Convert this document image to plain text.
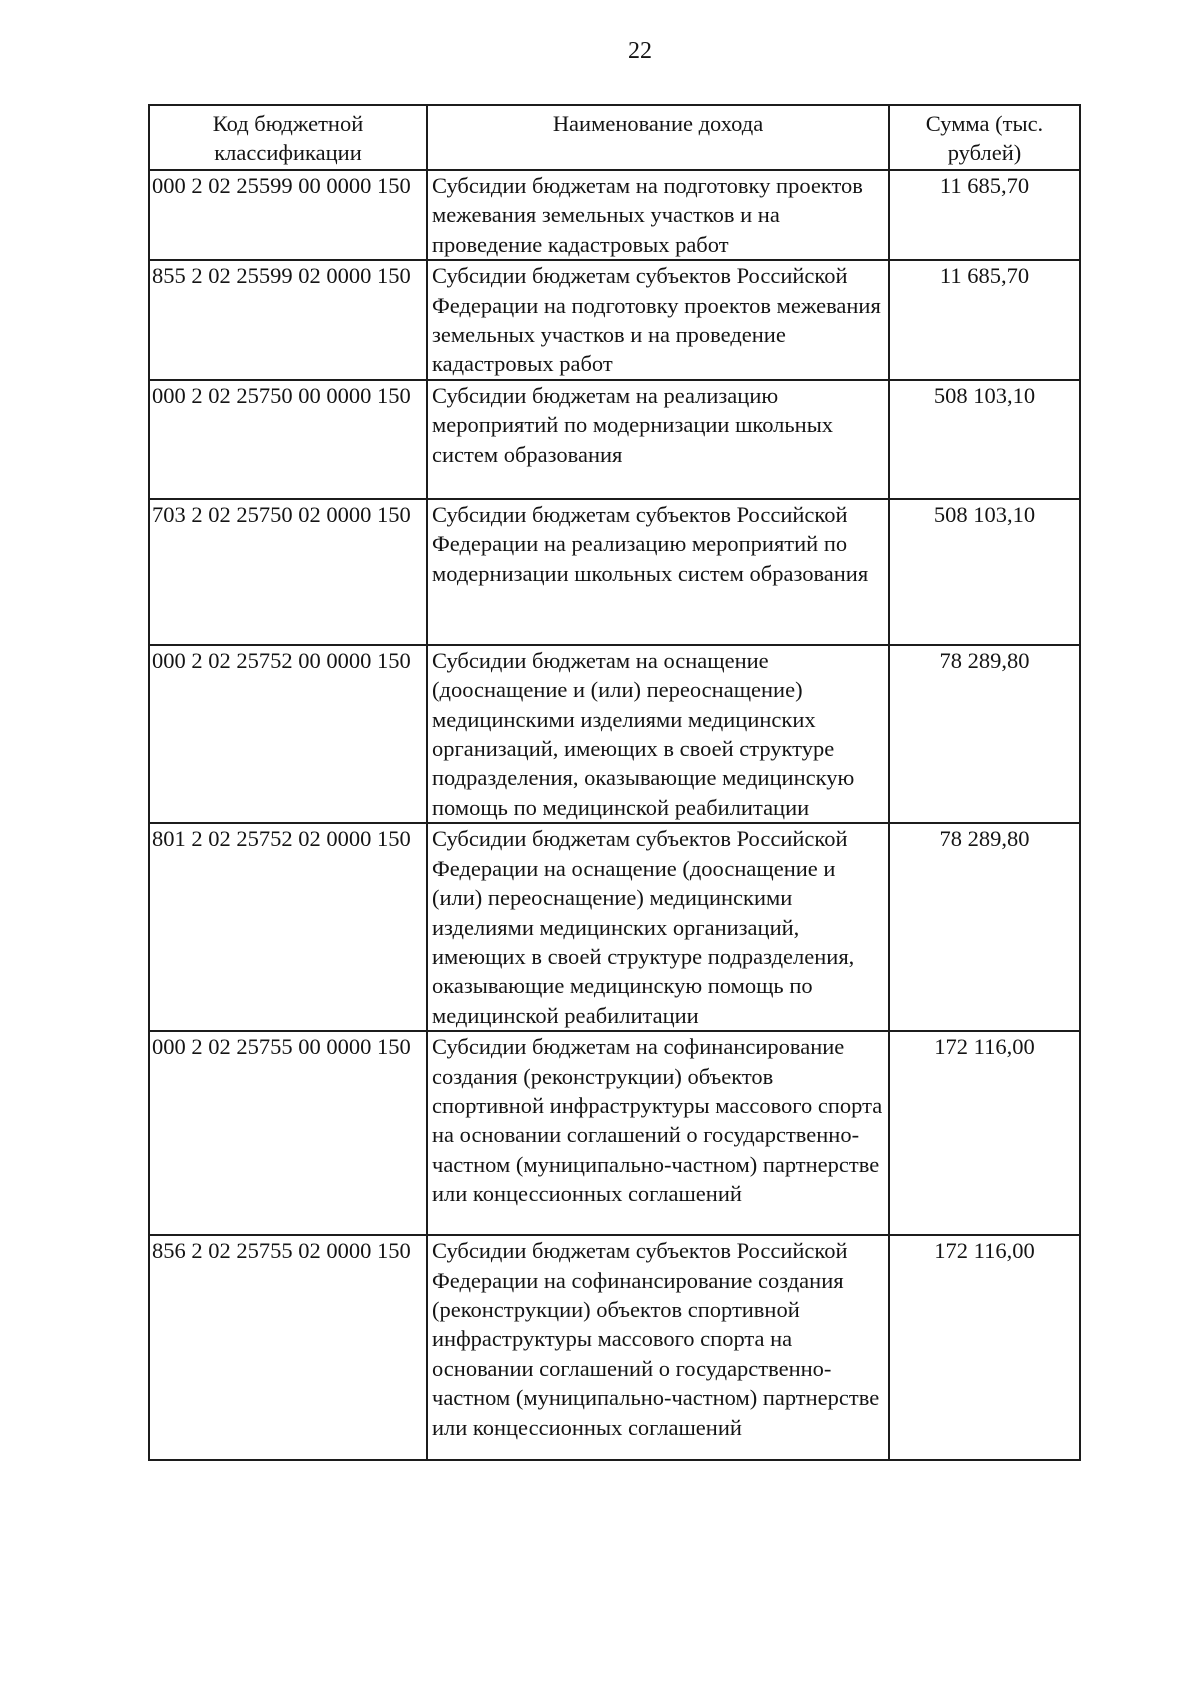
22
Код бюджетной классификации	Наименование дохода	Сумма (тыс. рублей)
000 2 02 25599 00 0000 150	Субсидии бюджетам на подготовку проектов межевания земельных участков и на проведение кадастровых работ	11 685,70
855 2 02 25599 02 0000 150	Субсидии бюджетам субъектов Российской Федерации на подготовку проектов межевания земельных участков и на проведение кадастровых работ	11 685,70
000 2 02 25750 00 0000 150	Субсидии бюджетам на реализацию мероприятий по модернизации школьных систем образования	508 103,10
703 2 02 25750 02 0000 150	Субсидии бюджетам субъектов Российской Федерации на реализацию мероприятий по модернизации школьных систем образования	508 103,10
000 2 02 25752 00 0000 150	Субсидии бюджетам на оснащение (дооснащение и (или) переоснащение) медицинскими изделиями медицинских организаций, имеющих в своей структуре подразделения, оказывающие медицинскую помощь по медицинской реабилитации	78 289,80
801 2 02 25752 02 0000 150	Субсидии бюджетам субъектов Российской Федерации на оснащение (дооснащение и (или) переоснащение) медицинскими изделиями медицинских организаций, имеющих в своей структуре подразделения, оказывающие медицинскую помощь по медицинской реабилитации	78 289,80
000 2 02 25755 00 0000 150	Субсидии бюджетам на софинансирование создания (реконструкции) объектов спортивной инфраструктуры массового спорта на основании соглашений о государственно-частном (муниципально-частном) партнерстве или концессионных соглашений	172 116,00
856 2 02 25755 02 0000 150	Субсидии бюджетам субъектов Российской Федерации на софинансирование создания (реконструкции) объектов спортивной инфраструктуры массового спорта на основании соглашений о государственно-частном (муниципально-частном) партнерстве или концессионных соглашений	172 116,00
